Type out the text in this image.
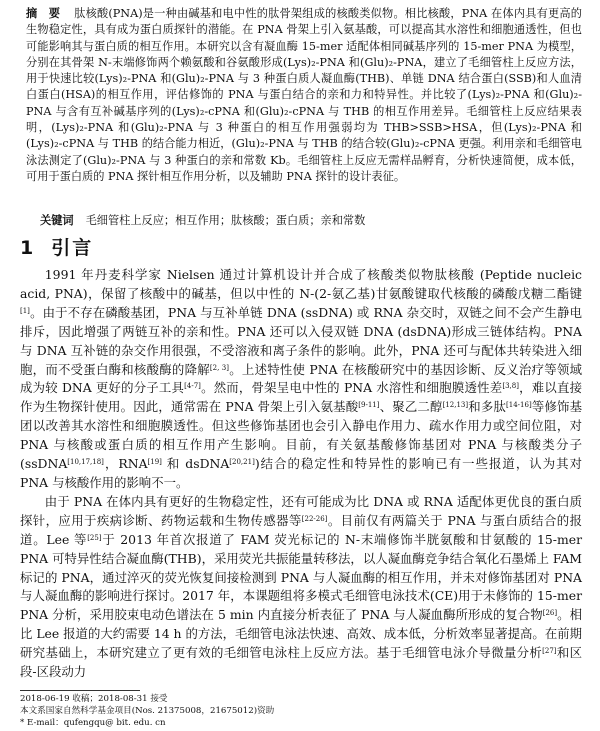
摘　要 肽核酸(PNA)是一种由碱基和电中性的肽骨架组成的核酸类似物。相比核酸，PNA 在体内具有更高的生物稳定性，具有成为蛋白质探针的潜能。在 PNA 骨架上引入氨基酸，可以提高其水溶性和细胞通透性，但也可能影响其与蛋白质的相互作用。本研究以含有凝血酶 15-mer 适配体相同碱基序列的 15-mer PNA 为模型，分别在其骨架 N-末端修饰两个赖氨酸和谷氨酸形成(Lys)₂-PNA 和(Glu)₂-PNA，建立了毛细管柱上反应方法，用于快速比较(Lys)₂-PNA 和(Glu)₂-PNA 与 3 种蛋白质人凝血酶(THB)、单链 DNA 结合蛋白(SSB)和人血清白蛋白(HSA)的相互作用，评估修饰的 PNA 与蛋白结合的亲和力和特异性。并比较了(Lys)₂-PNA 和(Glu)₂-PNA 与含有互补碱基序列的(Lys)₂-cPNA 和(Glu)₂-cPNA 与 THB 的相互作用差异。毛细管柱上反应结果表明，(Lys)₂-PNA 和(Glu)₂-PNA 与 3 种蛋白的相互作用强弱均为 THB>SSB>HSA，但(Lys)₂-PNA 和(Lys)₂-cPNA 与 THB 的结合能力相近，(Glu)₂-PNA 与 THB 的结合较(Glu)₂-cPNA 更强。利用亲和毛细管电泳法测定了(Glu)₂-PNA 与 3 种蛋白的亲和常数 Kb。毛细管柱上反应无需样品孵育，分析快速简便，成本低，可用于蛋白质的 PNA 探针相互作用分析，以及辅助 PNA 探针的设计表征。
关键词 毛细管柱上反应；相互作用；肽核酸；蛋白质；亲和常数
1 引言

1991 年丹麦科学家 Nielsen 通过计算机设计并合成了核酸类似物肽核酸 (Peptide nucleic acid, PNA)，保留了核酸中的碱基，但以中性的 N-(2-氨乙基)甘氨酸键取代核酸的磷酸戊糖二酯键[1]。由于不存在磷酸基团，PNA 与互补单链 DNA (ssDNA) 或 RNA 杂交时，双链之间不会产生静电排斥，因此增强了两链互补的亲和性。PNA 还可以入侵双链 DNA (dsDNA)形成三链体结构。PNA 与 DNA 互补链的杂交作用很强，不受溶液和离子条件的影响。此外，PNA 还可与配体共转染进入细胞，而不受蛋白酶和核酸酶的降解[2, 3]。上述特性使 PNA 在核酸研究中的基因诊断、反义治疗等领域成为较 DNA 更好的分子工具[4-7]。然而，骨架呈电中性的 PNA 水溶性和细胞膜透性差[3,8]，难以直接作为生物探针使用。因此，通常需在 PNA 骨架上引入氨基酸[9-11]、聚乙二醇[12,13]和多肽[14-16]等修饰基团以改善其水溶性和细胞膜透性。但这些修饰基团也会引入静电作用力、疏水作用力或空间位阻，对 PNA 与核酸或蛋白质的相互作用产生影响。目前，有关氨基酸修饰基团对 PNA 与核酸类分子(ssDNA[10,17,18]，RNA[19] 和 dsDNA[20,21])结合的稳定性和特异性的影响已有一些报道，认为其对 PNA 与核酸作用的影响不一。

由于 PNA 在体内具有更好的生物稳定性，还有可能成为比 DNA 或 RNA 适配体更优良的蛋白质探针，应用于疾病诊断、药物运载和生物传感器等[22-26]。目前仅有两篇关于 PNA 与蛋白质结合的报道。Lee 等[25]于 2013 年首次报道了 FAM 荧光标记的 N-末端修饰半胱氨酸和甘氨酸的 15-mer PNA 可特异性结合凝血酶(THB)，采用荧光共振能量转移法，以人凝血酶竞争结合氧化石墨烯上 FAM 标记的 PNA，通过淬灭的荧光恢复间接检测到 PNA 与人凝血酶的相互作用，并未对修饰基团对 PNA 与人凝血酶的影响进行探讨。2017 年，本课题组将多模式毛细管电泳技术(CE)用于未修饰的 15-mer PNA 分析，采用胶束电动色谱法在 5 min 内直接分析表征了 PNA 与人凝血酶所形成的复合物[26]。相比 Lee 报道的大约需要 14 h 的方法，毛细管电泳法快速、高效、成本低，分析效率显著提高。在前期研究基础上，本研究建立了更有效的毛细管电泳柱上反应方法。基于毛细管电泳介导微量分析[27]和区段-区段动力

2018-06-19 收稿；2018-08-31 接受
本文系国家自然科学基金项目(Nos. 21375008，21675012)资助
* E-mail：qufengqu@ bit. edu. cn
